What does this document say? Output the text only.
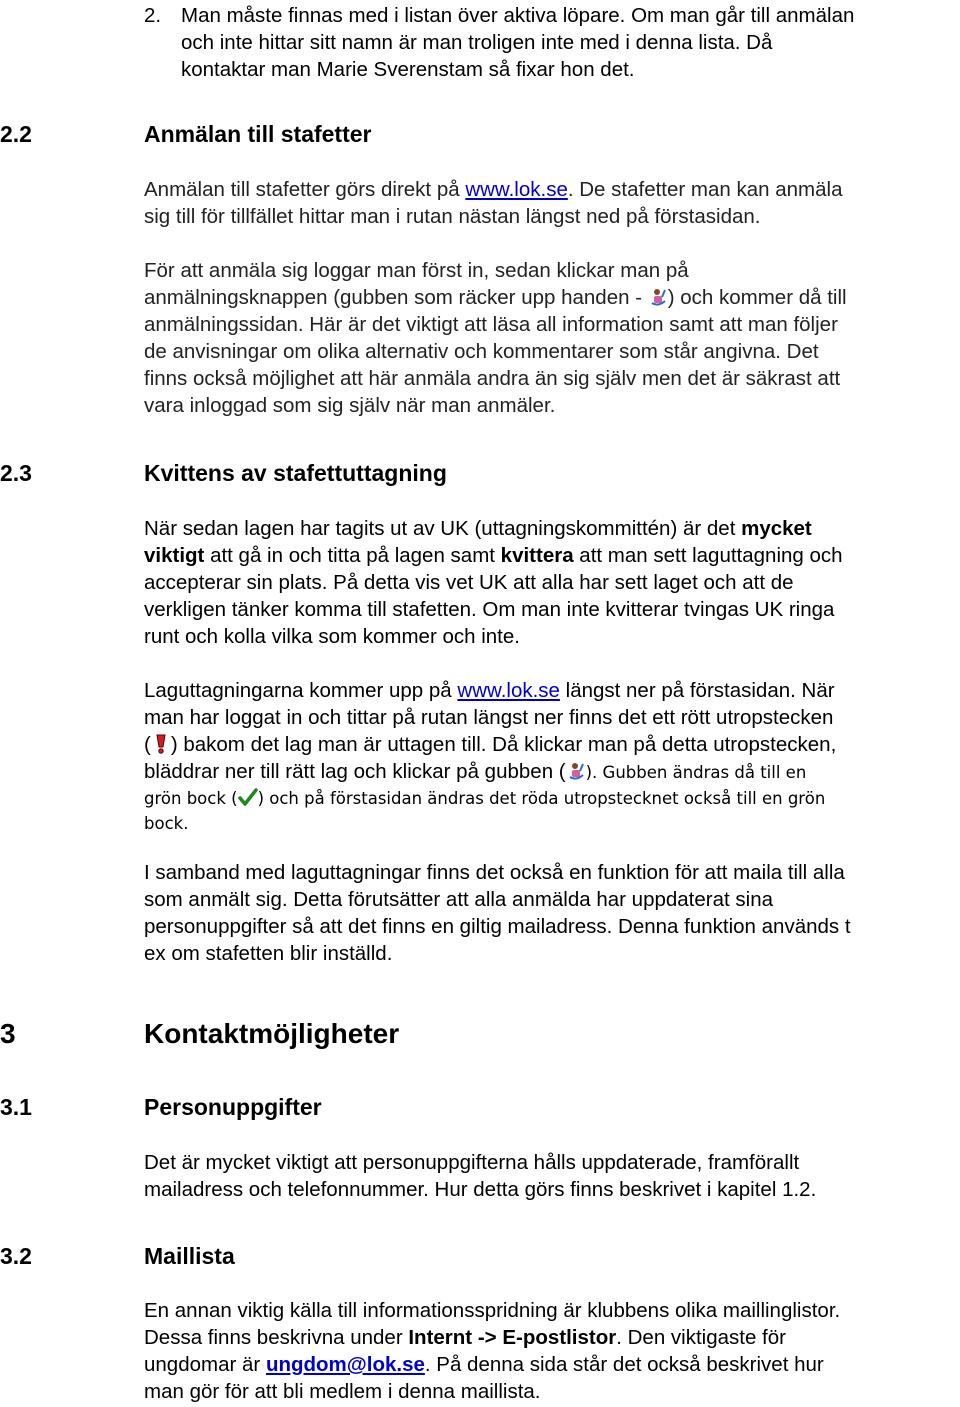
2. Man måste finnas med i listan över aktiva löpare. Om man går till anmälan
och inte hittar sitt namn är man troligen inte med i denna lista. Då
kontaktar man Marie Sverenstam så fixar hon det.
2.2	Anmälan till stafetter
Anmälan till stafetter görs direkt på www.lok.se. De stafetter man kan anmäla
sig till för tillfället hittar man i rutan nästan längst ned på förstasidan.
För att anmäla sig loggar man först in, sedan klickar man på
anmälningsknappen (gubben som räcker upp handen - ) och kommer då till
anmälningssidan. Här är det viktigt att läsa all information samt att man följer
de anvisningar om olika alternativ och kommentarer som står angivna. Det
finns också möjlighet att här anmäla andra än sig själv men det är säkrast att
vara inloggad som sig själv när man anmäler.
2.3	Kvittens av stafettuttagning
När sedan lagen har tagits ut av UK (uttagningskommittén) är det mycket
viktigt att gå in och titta på lagen samt kvittera att man sett laguttagning och
accepterar sin plats. På detta vis vet UK att alla har sett laget och att de
verkligen tänker komma till stafetten. Om man inte kvitterar tvingas UK ringa
runt och kolla vilka som kommer och inte.
Laguttagningarna kommer upp på www.lok.se längst ner på förstasidan. När
man har loggat in och tittar på rutan längst ner finns det ett rött utropstecken
( ) bakom det lag man är uttagen till. Då klickar man på detta utropstecken,
bläddrar ner till rätt lag och klickar på gubben ( ). Gubben ändras då till en
grön bock ( ) och på förstasidan ändras det röda utropstecknet också till en grön
bock.
I samband med laguttagningar finns det också en funktion för att maila till alla
som anmält sig. Detta förutsätter att alla anmälda har uppdaterat sina
personuppgifter så att det finns en giltig mailadress. Denna funktion används t
ex om stafetten blir inställd.
3	Kontaktmöjligheter
3.1	Personuppgifter
Det är mycket viktigt att personuppgifterna hålls uppdaterade, framförallt
mailadress och telefonnummer. Hur detta görs finns beskrivet i kapitel 1.2.
3.2	Maillista
En annan viktig källa till informationsspridning är klubbens olika maillinglistor.
Dessa finns beskrivna under Internt -> E-postlistor. Den viktigaste för
ungdomar är ungdom@lok.se. På denna sida står det också beskrivet hur
man gör för att bli medlem i denna maillista.
